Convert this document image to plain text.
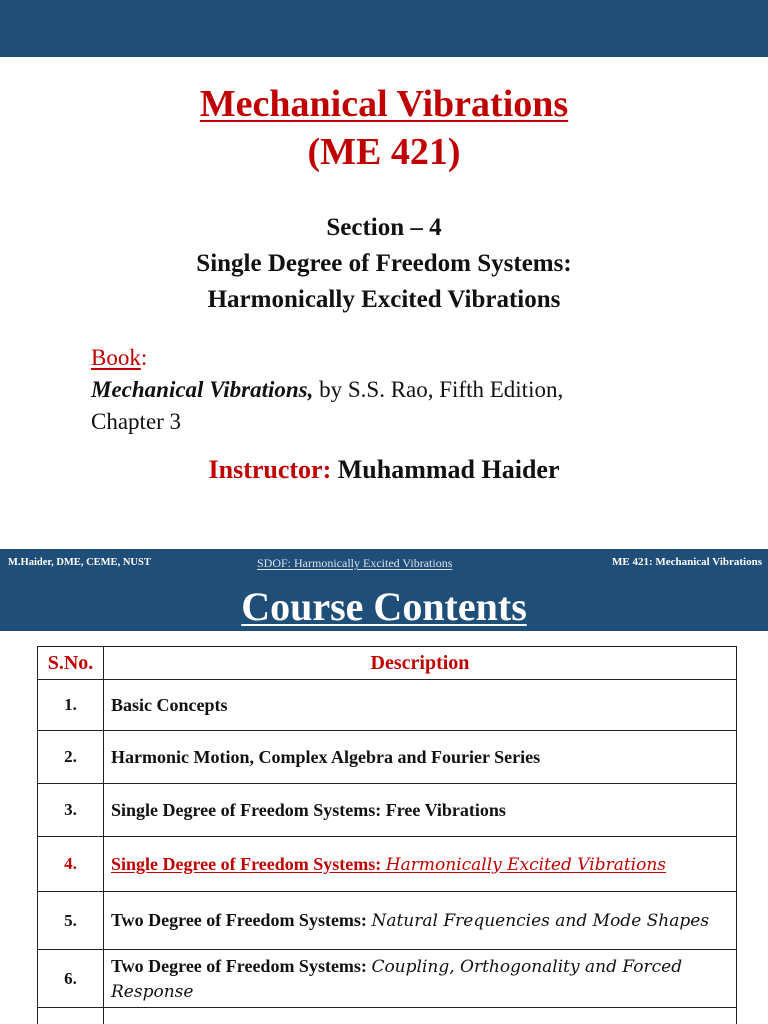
Mechanical Vibrations
(ME 421)
Section – 4
Single Degree of Freedom Systems:
Harmonically Excited Vibrations
Book:
Mechanical Vibrations, by S.S. Rao, Fifth Edition,
Chapter 3
Instructor: Muhammad Haider
M.Haider, DME, CEME, NUST	SDOF: Harmonically Excited Vibrations	ME 421: Mechanical Vibrations
Course Contents
S.No.	Description
1.	Basic Concepts
2.	Harmonic Motion, Complex Algebra and Fourier Series
3.	Single Degree of Freedom Systems: Free Vibrations
4.	Single Degree of Freedom Systems: Harmonically Excited Vibrations
5.	Two Degree of Freedom Systems: Natural Frequencies and Mode Shapes
6.	Two Degree of Freedom Systems: Coupling, Orthogonality and Forced Response
